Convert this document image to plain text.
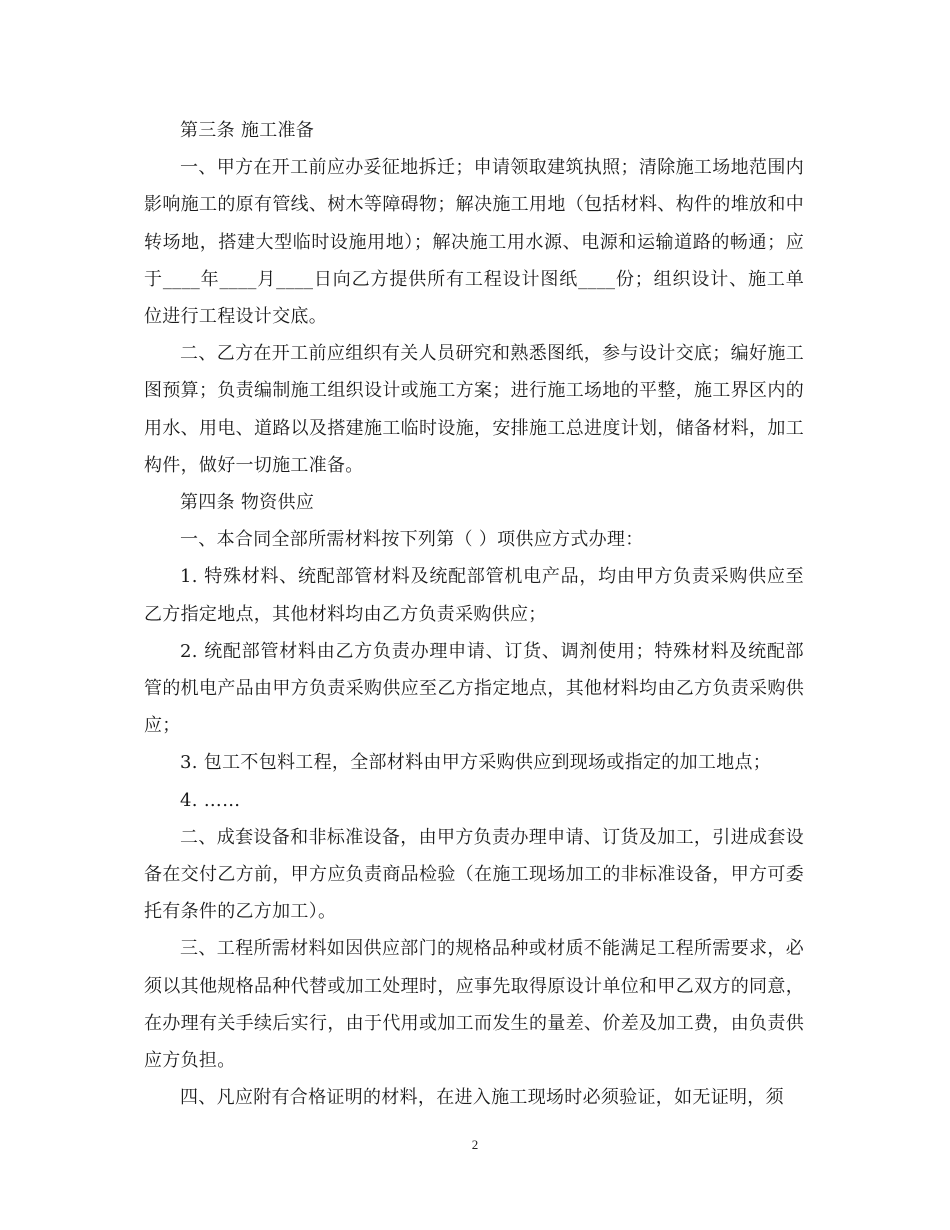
第三条 施工准备

一、甲方在开工前应办妥征地拆迁；申请领取建筑执照；清除施工场地范围内影响施工的原有管线、树木等障碍物；解决施工用地（包括材料、构件的堆放和中转场地，搭建大型临时设施用地）；解决施工用水源、电源和运输道路的畅通；应于____年____月____日向乙方提供所有工程设计图纸____份；组织设计、施工单位进行工程设计交底。

二、乙方在开工前应组织有关人员研究和熟悉图纸，参与设计交底；编好施工图预算；负责编制施工组织设计或施工方案；进行施工场地的平整，施工界区内的用水、用电、道路以及搭建施工临时设施，安排施工总进度计划，储备材料，加工构件，做好一切施工准备。

第四条 物资供应

一、本合同全部所需材料按下列第（ ）项供应方式办理：

1. 特殊材料、统配部管材料及统配部管机电产品，均由甲方负责采购供应至乙方指定地点，其他材料均由乙方负责采购供应；

2. 统配部管材料由乙方负责办理申请、订货、调剂使用；特殊材料及统配部管的机电产品由甲方负责采购供应至乙方指定地点，其他材料均由乙方负责采购供应；

3. 包工不包料工程，全部材料由甲方采购供应到现场或指定的加工地点；

4. ……

二、成套设备和非标准设备，由甲方负责办理申请、订货及加工，引进成套设备在交付乙方前，甲方应负责商品检验（在施工现场加工的非标准设备，甲方可委托有条件的乙方加工）。

三、工程所需材料如因供应部门的规格品种或材质不能满足工程所需要求，必须以其他规格品种代替或加工处理时，应事先取得原设计单位和甲乙双方的同意，在办理有关手续后实行，由于代用或加工而发生的量差、价差及加工费，由负责供应方负担。

四、凡应附有合格证明的材料，在进入施工现场时必须验证，如无证明，须

2
